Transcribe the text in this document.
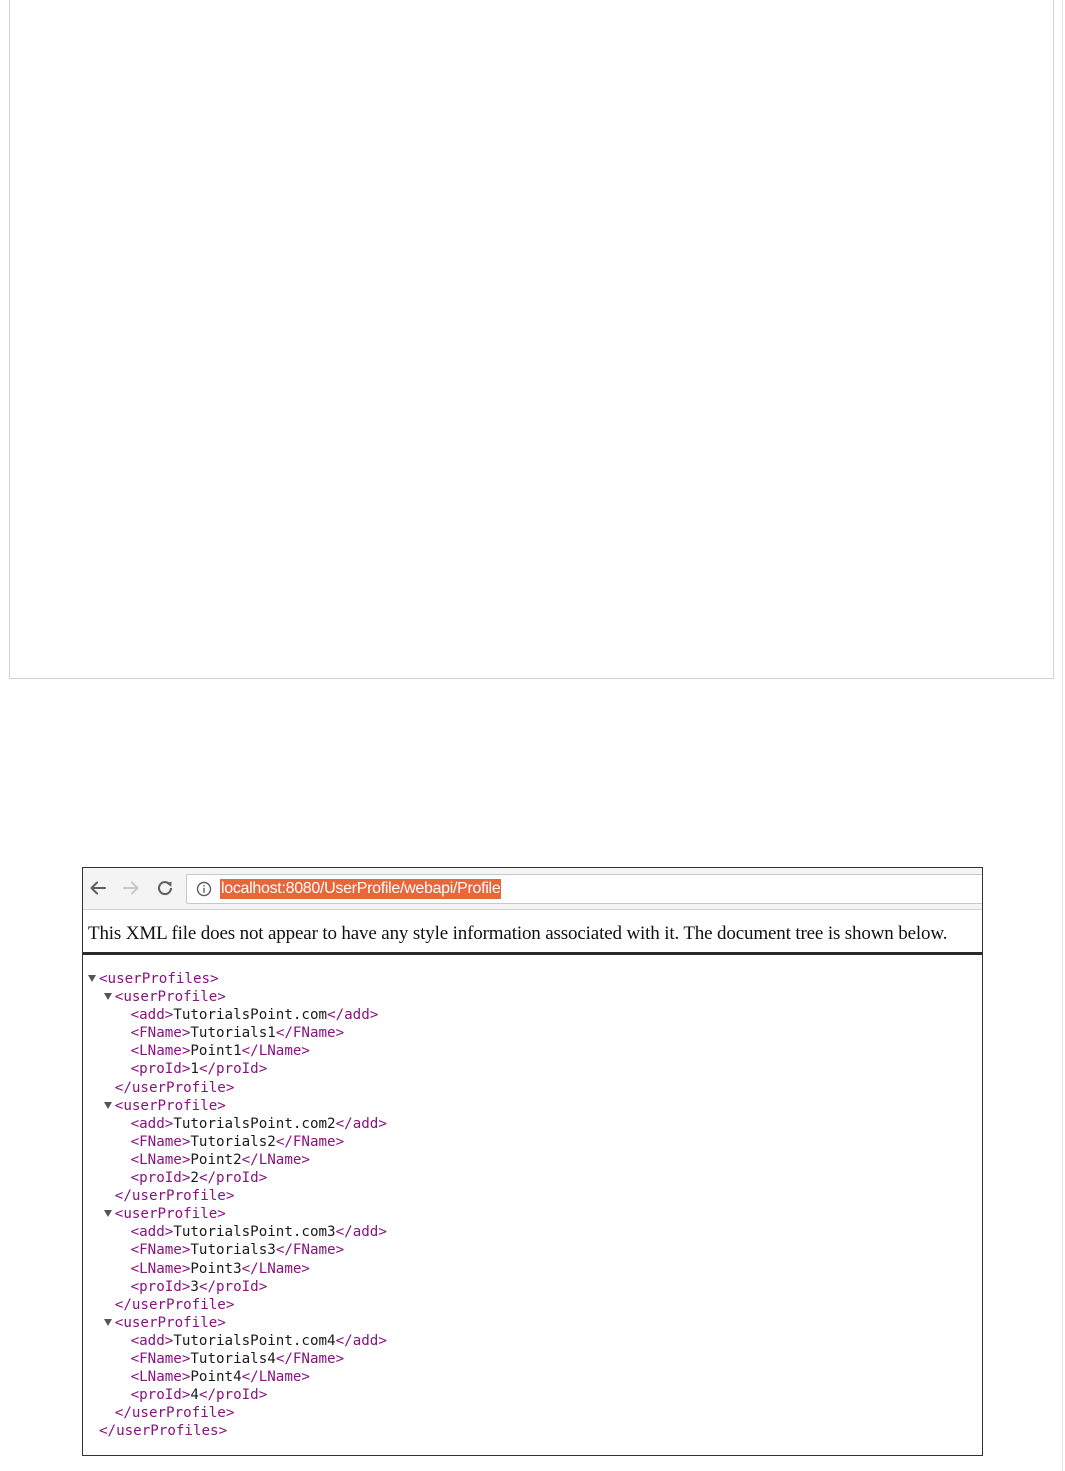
localhost:8080/UserProfile/webapi/Profile
This XML file does not appear to have any style information associated with it. The document tree is shown below.
<userProfiles>
<userProfile>
<add>TutorialsPoint.com</add>
<FName>Tutorials1</FName>
<LName>Point1</LName>
<proId>1</proId>
</userProfile>
<userProfile>
<add>TutorialsPoint.com2</add>
<FName>Tutorials2</FName>
<LName>Point2</LName>
<proId>2</proId>
</userProfile>
<userProfile>
<add>TutorialsPoint.com3</add>
<FName>Tutorials3</FName>
<LName>Point3</LName>
<proId>3</proId>
</userProfile>
<userProfile>
<add>TutorialsPoint.com4</add>
<FName>Tutorials4</FName>
<LName>Point4</LName>
<proId>4</proId>
</userProfile>
</userProfiles>
